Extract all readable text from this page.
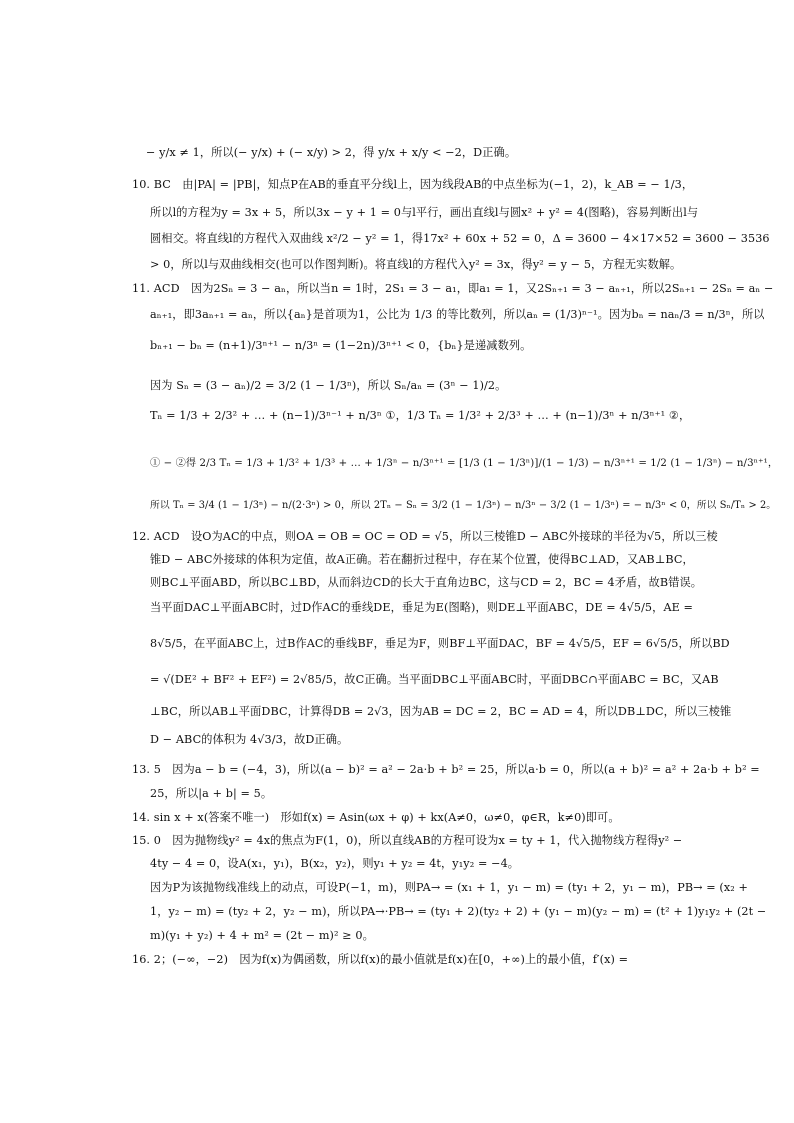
− y/x ≠ 1，所以(− y/x) + (− x/y) > 2，得 y/x + x/y < −2，D正确。
10. BC　由|PA| = |PB|，知点P在AB的垂直平分线l上，因为线段AB的中点坐标为(−1，2)，k_AB = − 1/3，
所以l的方程为y = 3x + 5，所以3x − y + 1 = 0与l平行，画出直线l与圆x² + y² = 4(图略)，容易判断出l与
圆相交。将直线l的方程代入双曲线 x²/2 − y² = 1，得17x² + 60x + 52 = 0，Δ = 3600 − 4×17×52 = 3600 − 3536
> 0，所以l与双曲线相交(也可以作图判断)。将直线l的方程代入y² = 3x，得y² = y − 5，方程无实数解。
11. ACD　因为2Sₙ = 3 − aₙ，所以当n = 1时，2S₁ = 3 − a₁，即a₁ = 1，又2Sₙ₊₁ = 3 − aₙ₊₁，所以2Sₙ₊₁ − 2Sₙ = aₙ −
aₙ₊₁，即3aₙ₊₁ = aₙ，所以{aₙ}是首项为1，公比为 1/3 的等比数列，所以aₙ = (1/3)ⁿ⁻¹。因为bₙ = naₙ/3 = n/3ⁿ，所以
bₙ₊₁ − bₙ = (n+1)/3ⁿ⁺¹ − n/3ⁿ = (1−2n)/3ⁿ⁺¹ < 0，{bₙ}是递减数列。
因为 Sₙ = (3 − aₙ)/2 = 3/2 (1 − 1/3ⁿ)，所以 Sₙ/aₙ = (3ⁿ − 1)/2。
Tₙ = 1/3 + 2/3² + … + (n−1)/3ⁿ⁻¹ + n/3ⁿ ①，1/3 Tₙ = 1/3² + 2/3³ + … + (n−1)/3ⁿ + n/3ⁿ⁺¹ ②，
① − ②得 2/3 Tₙ = 1/3 + 1/3² + 1/3³ + … + 1/3ⁿ − n/3ⁿ⁺¹ = [1/3 (1 − 1/3ⁿ)]/(1 − 1/3) − n/3ⁿ⁺¹ = 1/2 (1 − 1/3ⁿ) − n/3ⁿ⁺¹，
所以 Tₙ = 3/4 (1 − 1/3ⁿ) − n/(2·3ⁿ) > 0，所以 2Tₙ − Sₙ = 3/2 (1 − 1/3ⁿ) − n/3ⁿ − 3/2 (1 − 1/3ⁿ) = − n/3ⁿ < 0，所以 Sₙ/Tₙ > 2。
12. ACD　设O为AC的中点，则OA = OB = OC = OD = √5，所以三棱锥D − ABC外接球的半径为√5，所以三棱
锥D − ABC外接球的体积为定值，故A正确。若在翻折过程中，存在某个位置，使得BC⊥AD，又AB⊥BC，
则BC⊥平面ABD，所以BC⊥BD，从而斜边CD的长大于直角边BC，这与CD = 2，BC = 4矛盾，故B错误。
当平面DAC⊥平面ABC时，过D作AC的垂线DE，垂足为E(图略)，则DE⊥平面ABC，DE = 4√5/5，AE =
8√5/5，在平面ABC上，过B作AC的垂线BF，垂足为F，则BF⊥平面DAC，BF = 4√5/5，EF = 6√5/5，所以BD
= √(DE² + BF² + EF²) = 2√85/5，故C正确。当平面DBC⊥平面ABC时，平面DBC∩平面ABC = BC，又AB
⊥BC，所以AB⊥平面DBC，计算得DB = 2√3，因为AB = DC = 2，BC = AD = 4，所以DB⊥DC，所以三棱锥
D − ABC的体积为 4√3/3，故D正确。
13. 5　因为a − b = (−4，3)，所以(a − b)² = a² − 2a·b + b² = 25，所以a·b = 0，所以(a + b)² = a² + 2a·b + b² =
25，所以|a + b| = 5。
14. sin x + x(答案不唯一)　形如f(x) = Asin(ωx + φ) + kx(A≠0，ω≠0，φ∈R，k≠0)即可。
15. 0　因为抛物线y² = 4x的焦点为F(1，0)，所以直线AB的方程可设为x = ty + 1，代入抛物线方程得y² −
4ty − 4 = 0，设A(x₁，y₁)，B(x₂，y₂)，则y₁ + y₂ = 4t，y₁y₂ = −4。
因为P为该抛物线准线上的动点，可设P(−1，m)，则PA→ = (x₁ + 1，y₁ − m) = (ty₁ + 2，y₁ − m)，PB→ = (x₂ +
1，y₂ − m) = (ty₂ + 2，y₂ − m)，所以PA→·PB→ = (ty₁ + 2)(ty₂ + 2) + (y₁ − m)(y₂ − m) = (t² + 1)y₁y₂ + (2t −
m)(y₁ + y₂) + 4 + m² = (2t − m)² ≥ 0。
16. 2；(−∞，−2)　因为f(x)为偶函数，所以f(x)的最小值就是f(x)在[0，+∞)上的最小值，f′(x) =
